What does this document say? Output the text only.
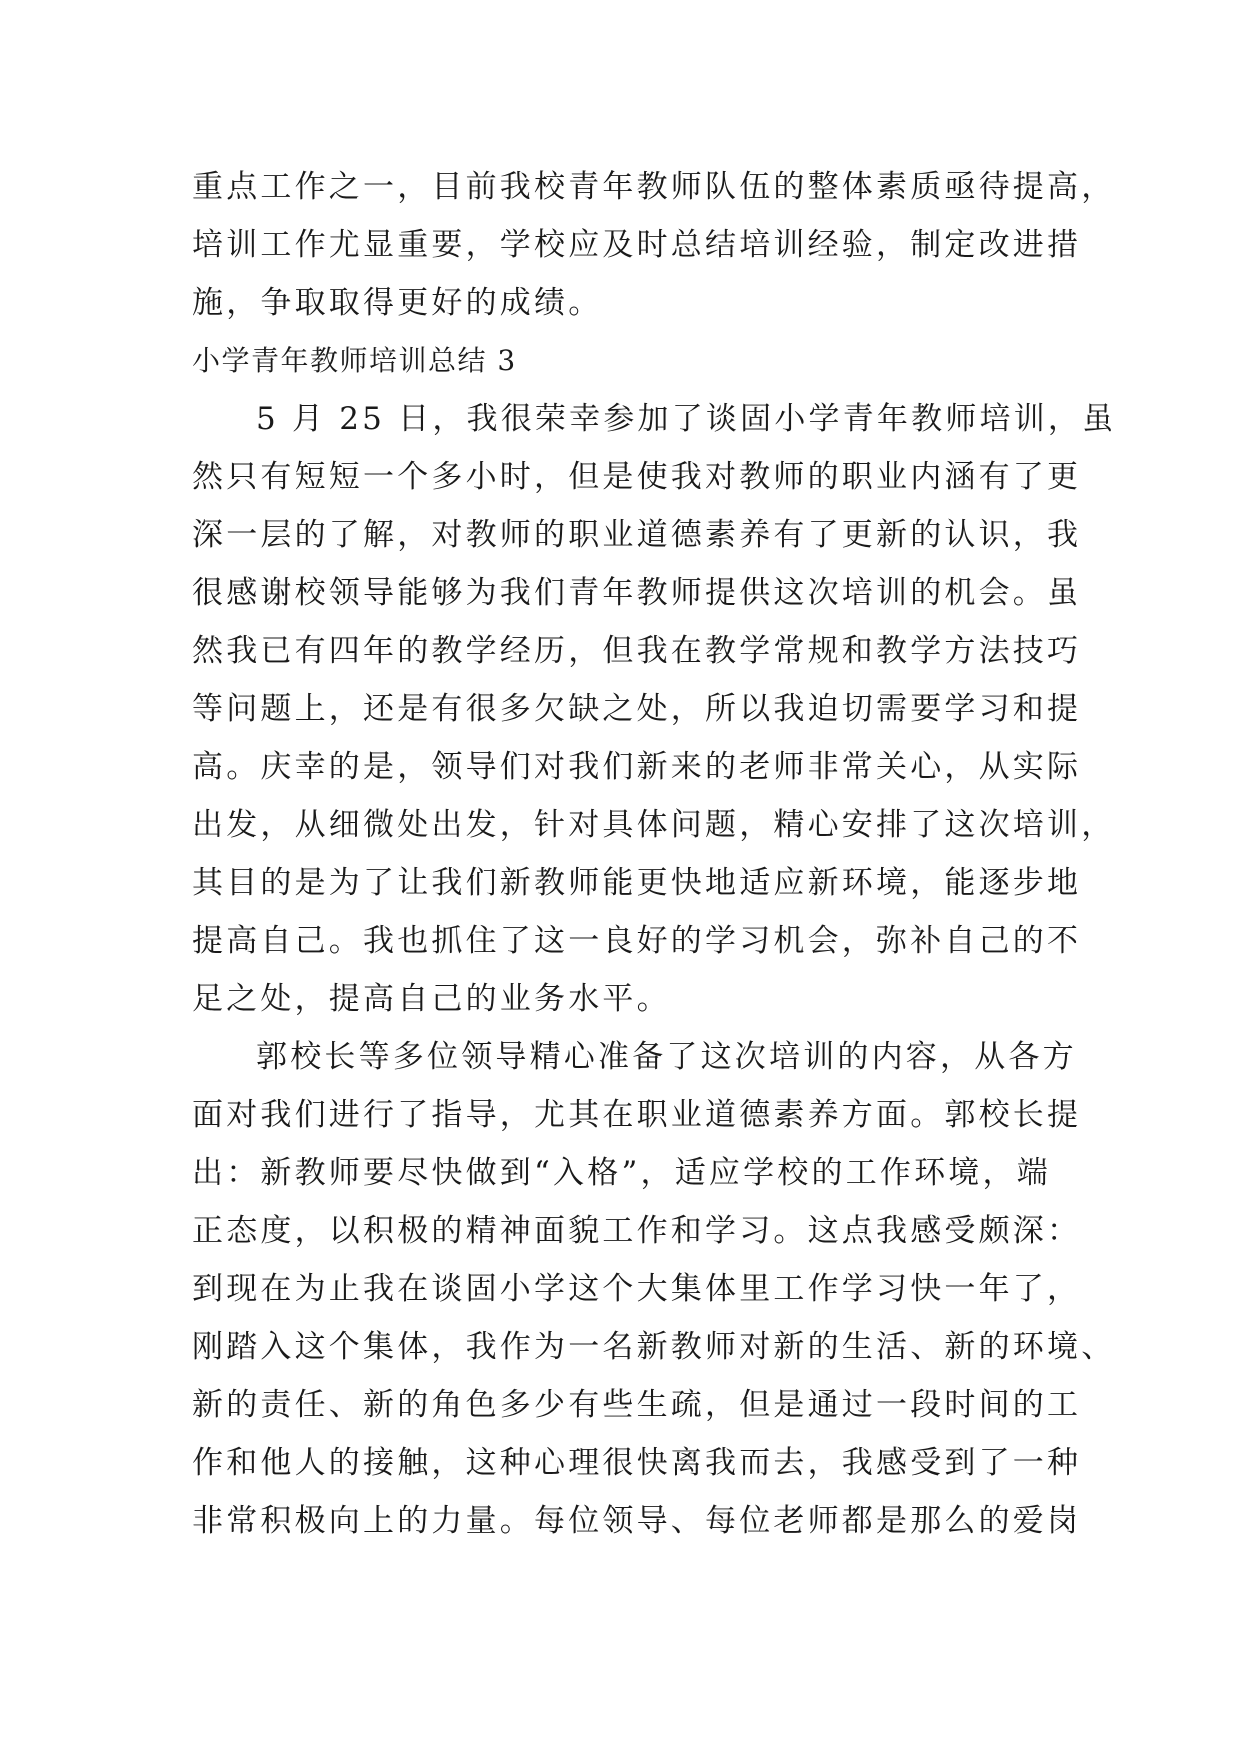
重点工作之一，目前我校青年教师队伍的整体素质亟待提高，
培训工作尤显重要，学校应及时总结培训经验，制定改进措
施，争取取得更好的成绩。
小学青年教师培训总结 3
5 月 25 日，我很荣幸参加了谈固小学青年教师培训，虽
然只有短短一个多小时，但是使我对教师的职业内涵有了更
深一层的了解，对教师的职业道德素养有了更新的认识，我
很感谢校领导能够为我们青年教师提供这次培训的机会。虽
然我已有四年的教学经历，但我在教学常规和教学方法技巧
等问题上，还是有很多欠缺之处，所以我迫切需要学习和提
高。庆幸的是，领导们对我们新来的老师非常关心，从实际
出发，从细微处出发，针对具体问题，精心安排了这次培训，
其目的是为了让我们新教师能更快地适应新环境，能逐步地
提高自己。我也抓住了这一良好的学习机会，弥补自己的不
足之处，提高自己的业务水平。
郭校长等多位领导精心准备了这次培训的内容，从各方
面对我们进行了指导，尤其在职业道德素养方面。郭校长提
出：新教师要尽快做到“入格”，适应学校的工作环境，端
正态度，以积极的精神面貌工作和学习。这点我感受颇深：
到现在为止我在谈固小学这个大集体里工作学习快一年了，
刚踏入这个集体，我作为一名新教师对新的生活、新的环境、
新的责任、新的角色多少有些生疏，但是通过一段时间的工
作和他人的接触，这种心理很快离我而去，我感受到了一种
非常积极向上的力量。每位领导、每位老师都是那么的爱岗
